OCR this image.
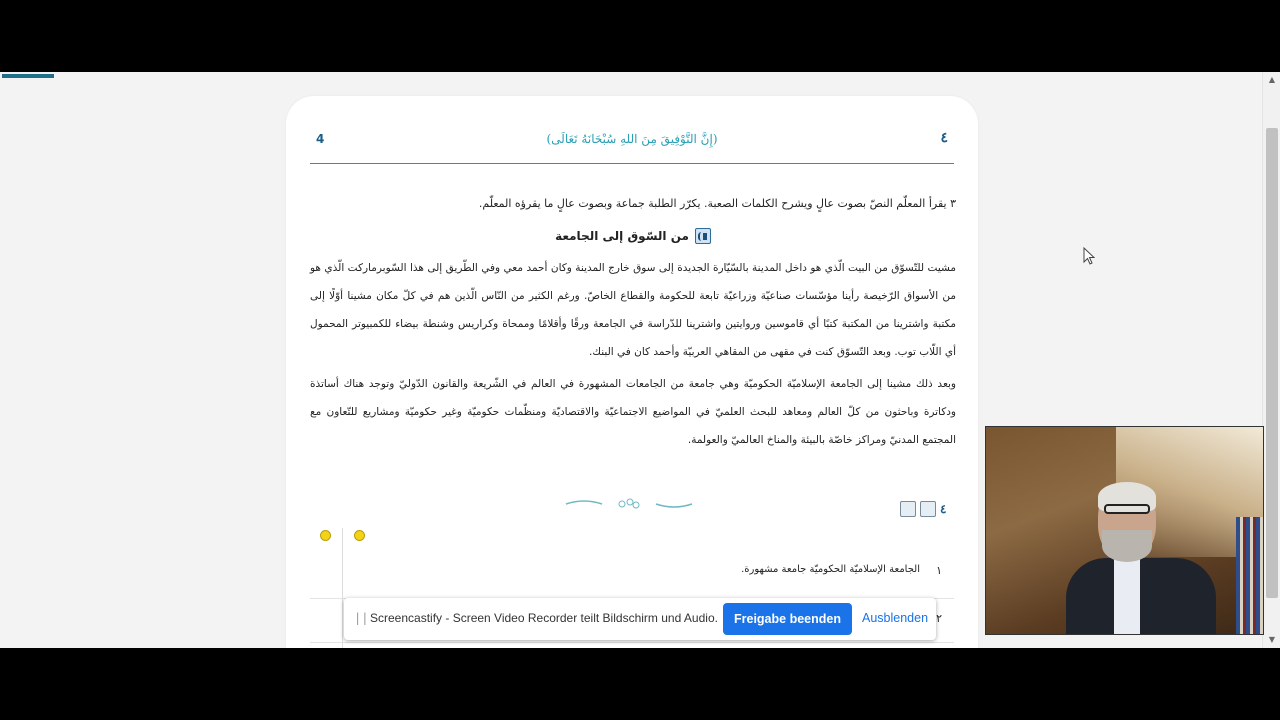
4	(إِنَّ التَّوْفِيقَ مِنَ اللهِ سُبْحَانَهُ تَعَالَى)	٤
٣ يقرأ المعلّم النصّ بصوت عالٍ ويشرح الكلمات الصعبة. يكرّر الطلبة جماعة وبصوت عالٍ ما يقرؤه المعلّم.
من السّوق إلى الجامعة

مشيت للتّسوّق من البيت الّذي هو داخل المدينة بالسّيّارة الجديدة إلى سوق خارج المدينة وكان أحمد معي وفي الطّريق إلى هذا السّوبرماركت الّذي هو من الأسواق الرّخيصة رأينا مؤسّسات صناعيّة وزراعيّة تابعة للحكومة والقطاع الخاصّ. ورغم الكثير من النّاس الّذين هم في كلّ مكان مشينا أوّلًا إلى مكتبة واشترينا من المكتبة كتبًا أي قاموسين وروايتين واشترينا للدّراسة في الجامعة ورقًا وأقلامًا وممحاة وكراريس وشنطة بيضاء للكمبيوتر المحمول أي اللّاب توب. وبعد التّسوّق كنت في مقهى من المقاهي العربيّة وأحمد كان في البنك.

وبعد ذلك مشينا إلى الجامعة الإسلاميّة الحكوميّة وهي جامعة من الجامعات المشهورة في العالم في الشّريعة والقانون الدّوليّ وتوجد هناك أساتذة ودكاترة وباحثون من كلّ العالم ومعاهد للبحث العلميّ في المواضيع الاجتماعيّة والاقتصاديّة ومنظّمات حكوميّة وغير حكوميّة ومشاريع للتّعاون مع المجتمع المدنيّ ومراكز خاصّة بالبيئة والمناخ العالميّ والعولمة.

٤
الجامعة الإسلاميّة الحكوميّة جامعة مشهورة. ١
٢
|| Screencastify - Screen Video Recorder teilt Bildschirm und Audio.	Freigabe beenden	Ausblenden
▲
▼
